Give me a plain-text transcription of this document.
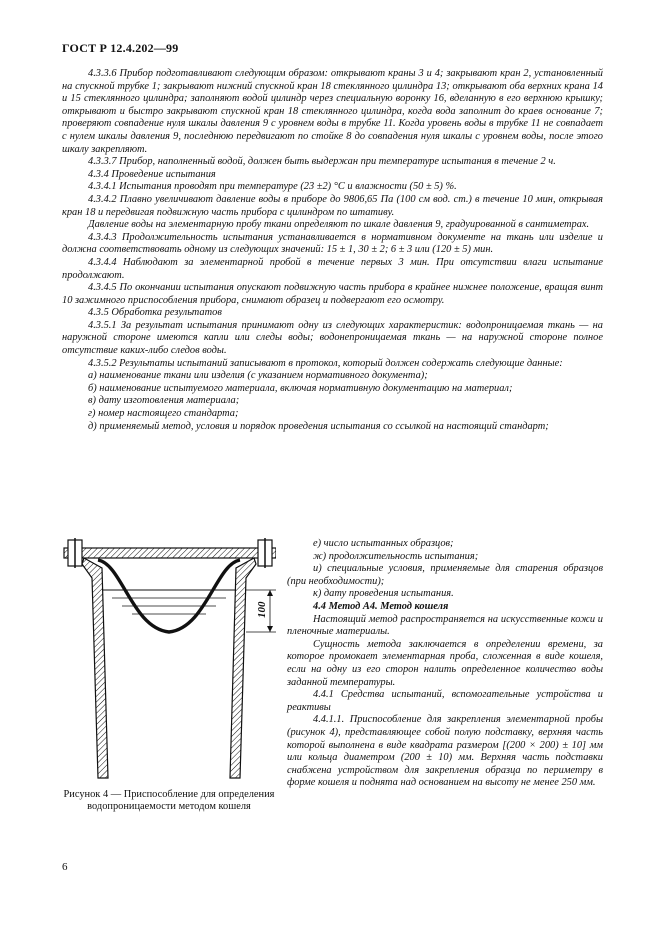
ГОСТ Р 12.4.202—99

4.3.3.6 Прибор подготавливают следующим образом: открывают краны 3 и 4; закрывают кран 2, установленный на спускной трубке 1; закрывают нижний спускной кран 18 стеклянного цилиндра 13; открывают оба верхних крана 14 и 15 стеклянного цилиндра; заполняют водой цилиндр через специальную воронку 16, вделанную в его верхнюю крышку; открывают и быстро закрывают спускной кран 18 стеклянного цилиндра, когда вода заполнит до краев основание 7; проверяют совпадение нуля шкалы давления 9 с уровнем воды в трубке 11. Когда уровень воды в трубке 11 не совпадает с нулем шкалы давления 9, последнюю передвигают по стойке 8 до совпадения нуля шкалы с уровнем воды, после этого шкалу закрепляют.

4.3.3.7 Прибор, наполненный водой, должен быть выдержан при температуре испытания в течение 2 ч.

4.3.4 Проведение испытания

4.3.4.1 Испытания проводят при температуре (23 ±2) °С и влажности (50 ± 5) %.

4.3.4.2 Плавно увеличивают давление воды в приборе до 9806,65 Па (100 см вод. ст.) в течение 10 мин, открывая кран 18 и передвигая подвижную часть прибора с цилиндром по штативу.

Давление воды на элементарную пробу ткани определяют по шкале давления 9, градуированной в сантиметрах.

4.3.4.3 Продолжительность испытания устанавливается в нормативном документе на ткань или изделие и должна соответствовать одному из следующих значений: 15 ± 1, 30 ± 2; 6 ± 3 или (120 ± 5) мин.

4.3.4.4 Наблюдают за элементарной пробой в течение первых 3 мин. При отсутствии влаги испытание продолжают.

4.3.4.5 По окончании испытания опускают подвижную часть прибора в крайнее нижнее положение, вращая винт 10 зажимного приспособления прибора, снимают образец и подвергают его осмотру.

4.3.5 Обработка результатов

4.3.5.1 За результат испытания принимают одну из следующих характеристик: водопроницаемая ткань — на наружной стороне имеются капли или следы воды; водонепроницаемая ткань — на наружной стороне полное отсутствие каких-либо следов воды.

4.3.5.2 Результаты испытаний записывают в протокол, который должен содержать следующие данные:

а) наименование ткани или изделия (с указанием нормативного документа);

б) наименование испытуемого материала, включая нормативную документацию на материал;

в) дату изготовления материала;

г) номер настоящего стандарта;

д) применяемый метод, условия и порядок проведения испытания со ссылкой на настоящий стандарт;

100
Рисунок 4 — Приспособление для определения водопроницаемости методом кошеля

е) число испытанных образцов;

ж) продолжительность испытания;

и) специальные условия, применяемые для старения образцов (при необходимости);

к) дату проведения испытания.

4.4 Метод А4. Метод кошеля

Настоящий метод распространяется на искусственные кожи и пленочные материалы.

Сущность метода заключается в определении времени, за которое промокает элементарная проба, сложенная в виде кошеля, если на одну из его сторон налить определенное количество воды заданной температуры.

4.4.1 Средства испытаний, вспомогательные устройства и реактивы

4.4.1.1. Приспособление для закрепления элементарной пробы (рисунок 4), представляющее собой полую подставку, верхняя часть которой выполнена в виде квадрата размером [(200 × 200) ± 10] мм или кольца диаметром (200 ± 10) мм. Верхняя часть подставки снабжена устройством для закрепления образца по периметру в форме кошеля и поднята над основанием на высоту не менее 250 мм.

6
